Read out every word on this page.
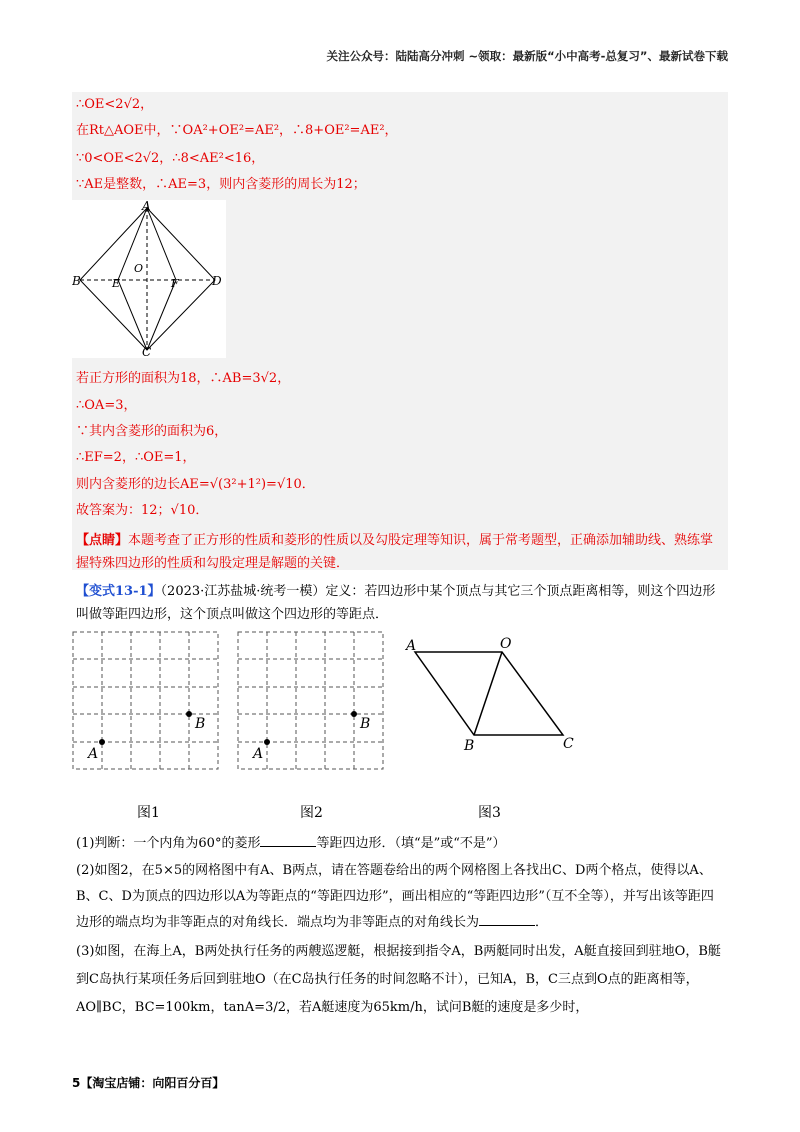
关注公众号：陆陆高分冲刺 ~领取：最新版“小中高考-总复习”、最新试卷下载
∴OE<2√2，
在Rt△AOE中，∵OA²+OE²=AE²，∴8+OE²=AE²，
∵0<OE<2√2，∴8<AE²<16，
∵AE是整数，∴AE=3，则内含菱形的周长为12；
A
B
C
D
E
O
F
若正方形的面积为18，∴AB=3√2，
∴OA=3，
∵其内含菱形的面积为6，
∴EF=2，∴OE=1，
则内含菱形的边长AE=√(3²+1²)=√10．
故答案为：12；√10．
【点睛】本题考查了正方形的性质和菱形的性质以及勾股定理等知识，属于常考题型，正确添加辅助线、熟练掌握特殊四边形的性质和勾股定理是解题的关键．
【变式13-1】（2023·江苏盐城·统考一模）定义：若四边形中某个顶点与其它三个顶点距离相等，则这个四边形叫做等距四边形，这个顶点叫做这个四边形的等距点．
A
B
A
B
A	O
B	C
图1	图2	图3
(1)判断：一个内角为60°的菱形	等距四边形．（填“是”或“不是”）
(2)如图2，在5×5的网格图中有A、B两点，请在答题卷给出的两个网格图上各找出C、D两个格点，使得以A、B、C、D为顶点的四边形以A为等距点的“等距四边形”，画出相应的“等距四边形”（互不全等），并写出该等距四边形的端点均为非等距点的对角线长．端点均为非等距点的对角线长为	．
(3)如图，在海上A，B两处执行任务的两艘巡逻艇，根据接到指令A，B两艇同时出发，A艇直接回到驻地O，B艇到C岛执行某项任务后回到驻地O（在C岛执行任务的时间忽略不计），已知A，B，C三点到O点的距离相等，AO∥BC，BC=100km，tanA=3/2，若A艇速度为65km/h，试问B艇的速度是多少时，
5【淘宝店铺：向阳百分百】
